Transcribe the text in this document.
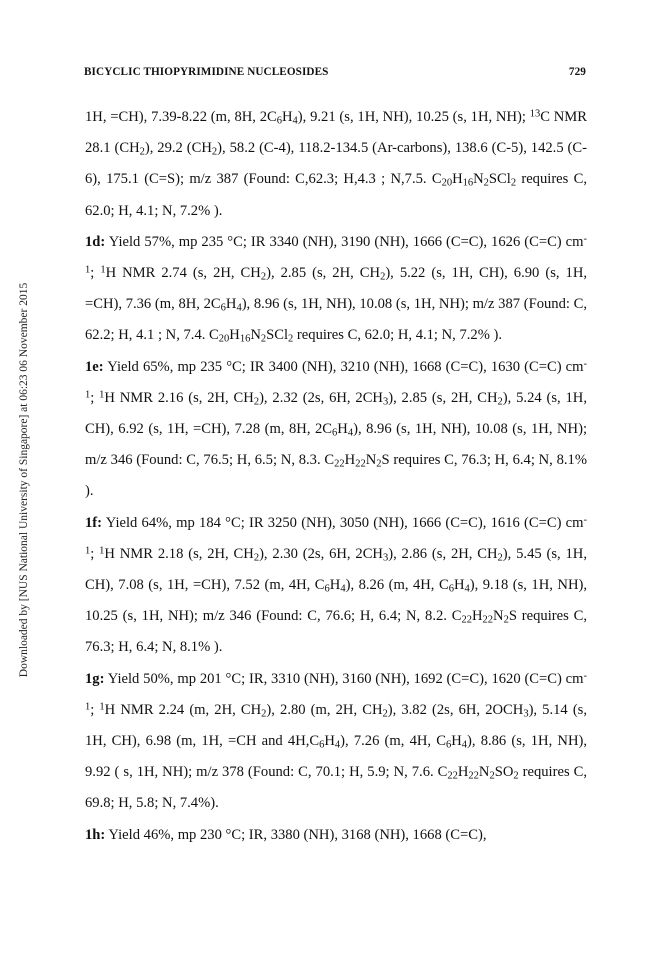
Downloaded by [NUS National University of Singapore] at 06:23 06 November 2015
BICYCLIC THIOPYRIMIDINE NUCLEOSIDES	729

1H, =CH), 7.39-8.22 (m, 8H, $2C_6H_4$), 9.21 (s, 1H, NH), 10.25 (s, 1H, NH); $^{13}$C NMR 28.1 $(CH_2)$, 29.2 $(CH_2)$, 58.2 (C-4), 118.2-134.5 (Ar-carbons), 138.6 (C-5), 142.5 (C-6), 175.1 (C=S); m/z 387 (Found: C,62.3; H,4.3 ; N,7.5. $C_{20}H_{16}N_2SCl_2$ requires C, 62.0; H, 4.1; N, 7.2% ).

1d: Yield 57%, mp 235 °C; IR 3340 (NH), 3190 (NH), 1666 (C=C), 1626 (C=C) $cm^{-1}$; $^1$H NMR 2.74 (s, 2H, $CH_2$), 2.85 (s, 2H, $CH_2$), 5.22 (s, 1H, CH), 6.90 (s, 1H, =CH), 7.36 (m, 8H, $2C_6H_4$), 8.96 (s, 1H, NH), 10.08 (s, 1H, NH); m/z 387 (Found: C, 62.2; H, 4.1 ; N, 7.4. $C_{20}H_{16}N_2SCl_2$ requires C, 62.0; H, 4.1; N, 7.2% ).

1e: Yield 65%, mp 235 °C; IR 3400 (NH), 3210 (NH), 1668 (C=C), 1630 (C=C) $cm^{-1}$; $^1$H NMR 2.16 (s, 2H, $CH_2$), 2.32 (2s, 6H, $2CH_3$), 2.85 (s, 2H, $CH_2$), 5.24 (s, 1H, CH), 6.92 (s, 1H, =CH), 7.28 (m, 8H, $2C_6H_4$), 8.96 (s, 1H, NH), 10.08 (s, 1H, NH); m/z 346 (Found: C, 76.5; H, 6.5; N, 8.3. $C_{22}H_{22}N_2S$ requires C, 76.3; H, 6.4; N, 8.1% ).

1f: Yield 64%, mp 184 °C; IR 3250 (NH), 3050 (NH), 1666 (C=C), 1616 (C=C) $cm^{-1}$; $^1$H NMR 2.18 (s, 2H, $CH_2$), 2.30 (2s, 6H, $2CH_3$), 2.86 (s, 2H, $CH_2$), 5.45 (s, 1H, CH), 7.08 (s, 1H, =CH), 7.52 (m, 4H, $C_6H_4$), 8.26 (m, 4H, $C_6H_4$), 9.18 (s, 1H, NH), 10.25 (s, 1H, NH); m/z 346 (Found: C, 76.6; H, 6.4; N, 8.2. $C_{22}H_{22}N_2S$ requires C, 76.3; H, 6.4; N, 8.1% ).

1g: Yield 50%, mp 201 °C; IR, 3310 (NH), 3160 (NH), 1692 (C=C), 1620 (C=C) $cm^{-1}$; $^1$H NMR 2.24 (m, 2H, $CH_2$), 2.80 (m, 2H, $CH_2$), 3.82 (2s, 6H, $2OCH_3$), 5.14 (s, 1H, CH), 6.98 (m, 1H, =CH and $4H,C_6H_4$), 7.26 (m, 4H, $C_6H_4$), 8.86 (s, 1H, NH), 9.92 ( s, 1H, NH); m/z 378 (Found: C, 70.1; H, 5.9; N, 7.6. $C_{22}H_{22}N_2SO_2$ requires C, 69.8; H, 5.8; N, 7.4%).

1h: Yield 46%, mp 230 °C; IR, 3380 (NH), 3168 (NH), 1668 (C=C),
